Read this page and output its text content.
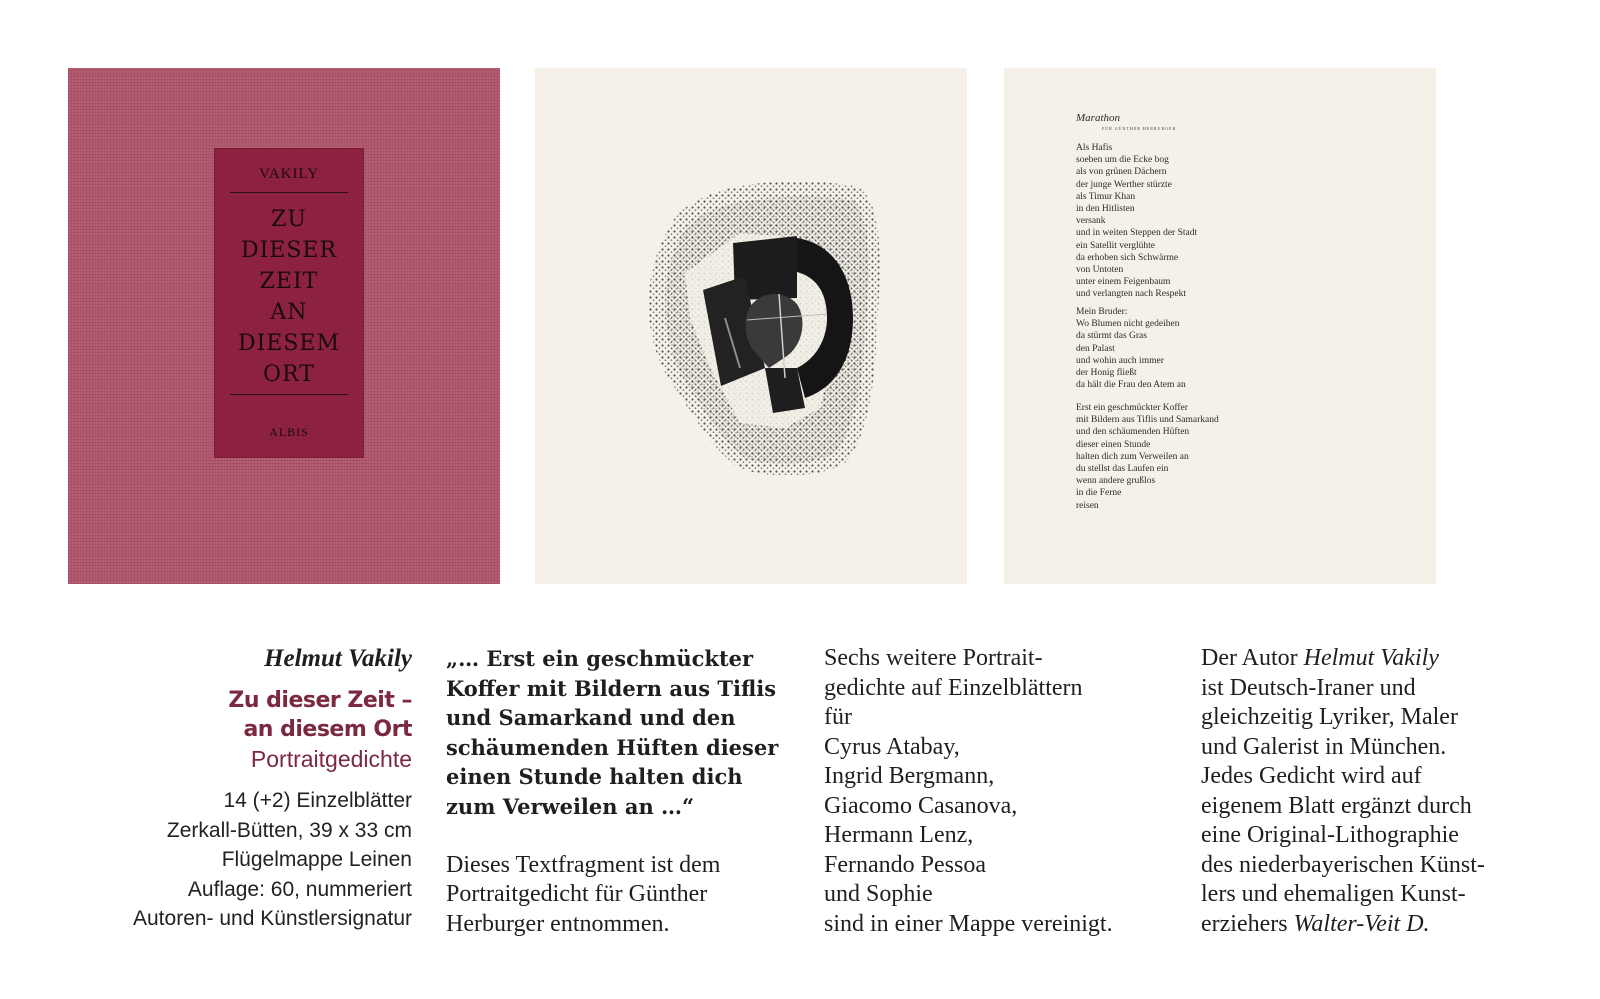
VAKILY
ZU
DIESER
ZEIT
AN
DIESEM
ORT
ALBIS
Marathon
FÜR GÜNTHER HERBURGER
Als Hafis
soeben um die Ecke bog
als von grünen Dächern
der junge Werther stürzte
als Timur Khan
in den Hitlisten
versank
und in weiten Steppen der Stadt
ein Satellit verglühte
da erhoben sich Schwärme
von Untoten
unter einem Feigenbaum
und verlangten nach Respekt
Mein Bruder:
Wo Blumen nicht gedeihen
da stürmt das Gras
den Palast
und wohin auch immer
der Honig fließt
da hält die Frau den Atem an
Erst ein geschmückter Koffer
mit Bildern aus Tiflis und Samarkand
und den schäumenden Hüften
dieser einen Stunde
halten dich zum Verweilen an
du stellst das Laufen ein
wenn andere grußlos
in die Ferne
reisen
Helmut Vakily
Zu dieser Zeit –
an diesem Ort
Portraitgedichte
14 (+2) Einzelblätter
Zerkall-Bütten, 39 x 33 cm
Flügelmappe Leinen
Auflage: 60, nummeriert
Autoren- und Künstlersignatur
„… Erst ein geschmückter
Koffer mit Bildern aus Tiflis
und Samarkand und den
schäumenden Hüften dieser
einen Stunde halten dich
zum Verweilen an …“
Dieses Textfragment ist dem
Portraitgedicht für Günther
Herburger entnommen.
Sechs weitere Portrait-
gedichte auf Einzelblättern
für
Cyrus Atabay,
Ingrid Bergmann,
Giacomo Casanova,
Hermann Lenz,
Fernando Pessoa
und Sophie
sind in einer Mappe vereinigt.
Der Autor Helmut Vakily
ist Deutsch-Iraner und
gleichzeitig Lyriker, Maler
und Galerist in München.
Jedes Gedicht wird auf
eigenem Blatt ergänzt durch
eine Original-Lithographie
des niederbayerischen Künst-
lers und ehemaligen Kunst-
erziehers Walter-Veit D.
